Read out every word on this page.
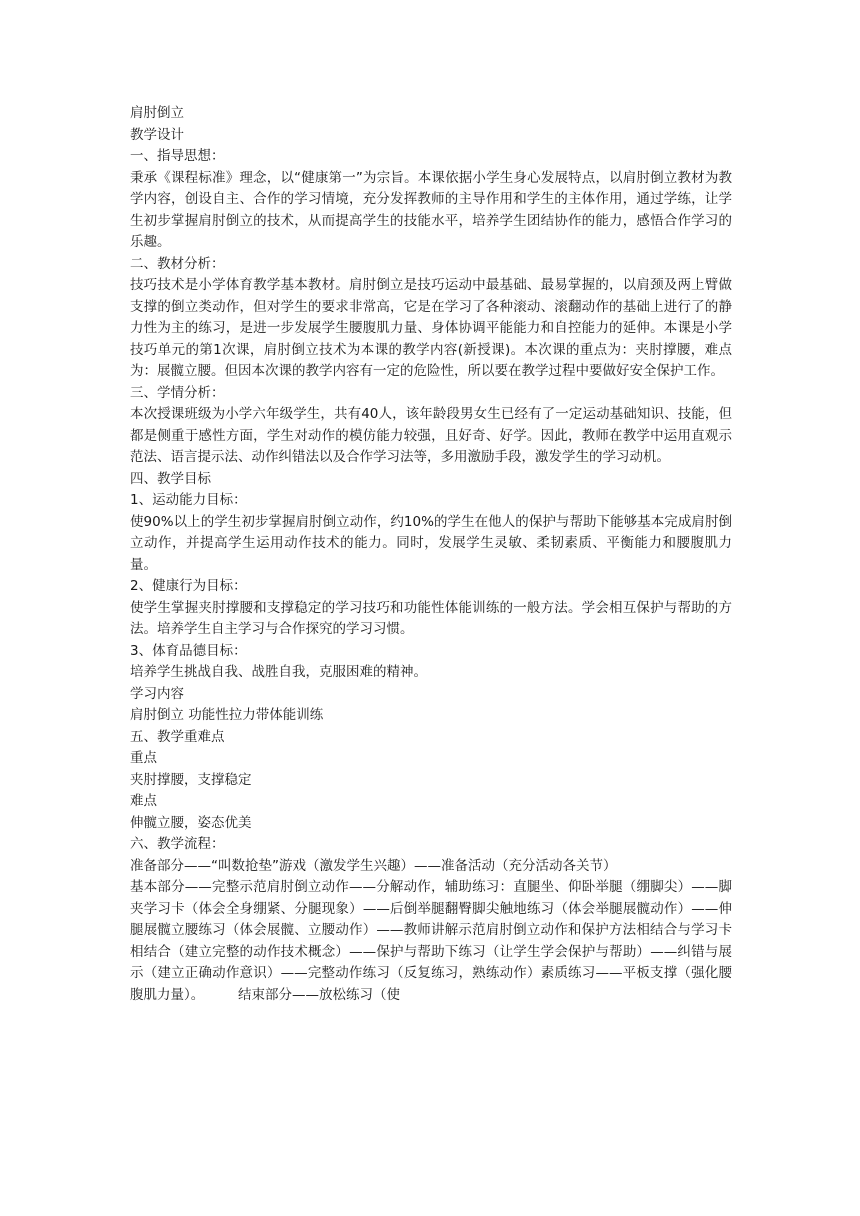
肩肘倒立
教学设计
一、指导思想：
秉承《课程标准》理念，以“健康第一”为宗旨。本课依据小学生身心发展特点，以肩肘倒立教材为教学内容，创设自主、合作的学习情境，充分发挥教师的主导作用和学生的主体作用，通过学练，让学生初步掌握肩肘倒立的技术，从而提高学生的技能水平，培养学生团结协作的能力，感悟合作学习的乐趣。
二、教材分析：
技巧技术是小学体育教学基本教材。肩肘倒立是技巧运动中最基础、最易掌握的，以肩颈及两上臂做支撑的倒立类动作，但对学生的要求非常高，它是在学习了各种滚动、滚翻动作的基础上进行了的静力性为主的练习，是进一步发展学生腰腹肌力量、身体协调平能能力和自控能力的延伸。本课是小学技巧单元的第1次课，肩肘倒立技术为本课的教学内容(新授课)。本次课的重点为：夹肘撑腰，难点为：展髋立腰。但因本次课的教学内容有一定的危险性，所以要在教学过程中要做好安全保护工作。
三、学情分析：
本次授课班级为小学六年级学生，共有40人，该年龄段男女生已经有了一定运动基础知识、技能，但都是侧重于感性方面，学生对动作的模仿能力较强，且好奇、好学。因此，教师在教学中运用直观示范法、语言提示法、动作纠错法以及合作学习法等，多用激励手段，激发学生的学习动机。
四、教学目标
1、运动能力目标：
使90%以上的学生初步掌握肩肘倒立动作，约10%的学生在他人的保护与帮助下能够基本完成肩肘倒立动作，并提高学生运用动作技术的能力。同时，发展学生灵敏、柔韧素质、平衡能力和腰腹肌力量。
2、健康行为目标：
使学生掌握夹肘撑腰和支撑稳定的学习技巧和功能性体能训练的一般方法。学会相互保护与帮助的方法。培养学生自主学习与合作探究的学习习惯。
3、体育品德目标：
培养学生挑战自我、战胜自我，克服困难的精神。
学习内容
肩肘倒立 功能性拉力带体能训练
五、教学重难点
重点
夹肘撑腰，支撑稳定
难点
伸髋立腰，姿态优美
六、教学流程：
准备部分——“叫数抢垫”游戏（激发学生兴趣）——准备活动（充分活动各关节）
基本部分——完整示范肩肘倒立动作——分解动作，辅助练习：直腿坐、仰卧举腿（绷脚尖）——脚夹学习卡（体会全身绷紧、分腿现象）——后倒举腿翻臀脚尖触地练习（体会举腿展髋动作）——伸腿展髋立腰练习（体会展髋、立腰动作）——教师讲解示范肩肘倒立动作和保护方法相结合与学习卡相结合（建立完整的动作技术概念）——保护与帮助下练习（让学生学会保护与帮助）——纠错与展示（建立正确动作意识）——完整动作练习（反复练习，熟练动作）素质练习——平板支撑（强化腰腹肌力量）。　　　结束部分——放松练习（使
